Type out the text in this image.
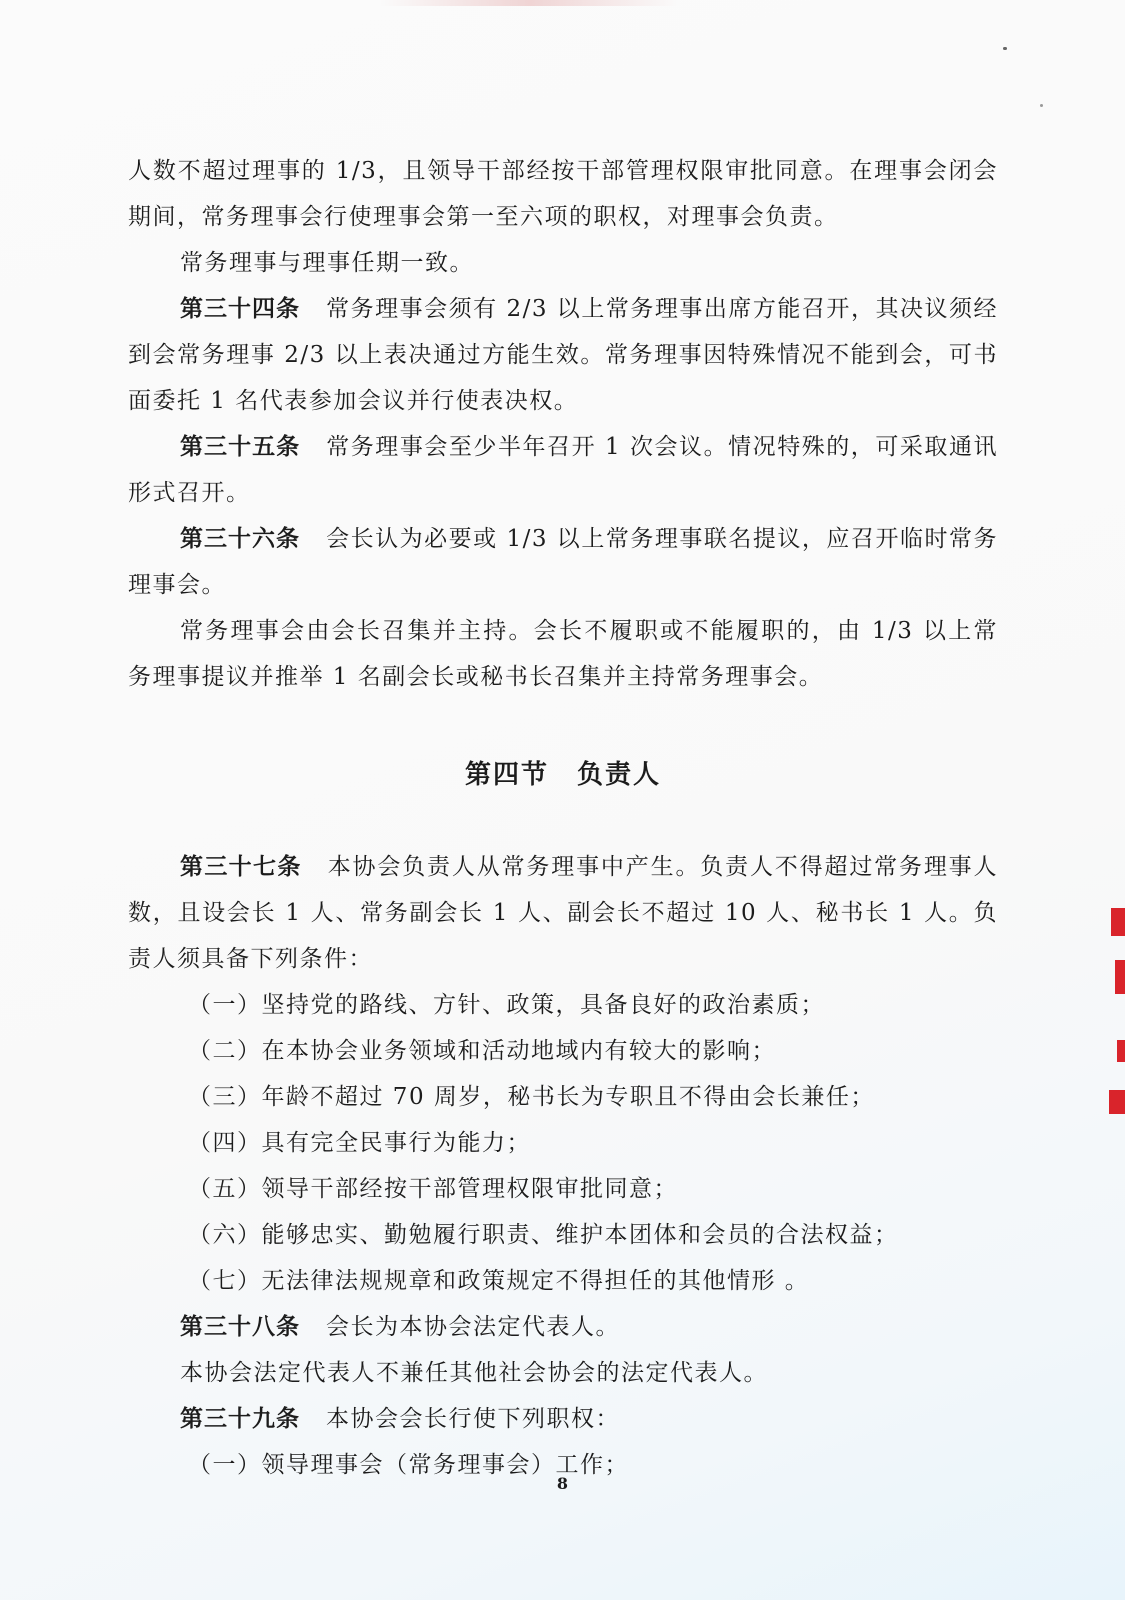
人数不超过理事的 1/3，且领导干部经按干部管理权限审批同意。在理事会闭会期间，常务理事会行使理事会第一至六项的职权，对理事会负责。

常务理事与理事任期一致。

第三十四条 常务理事会须有 2/3 以上常务理事出席方能召开，其决议须经到会常务理事 2/3 以上表决通过方能生效。常务理事因特殊情况不能到会，可书面委托 1 名代表参加会议并行使表决权。

第三十五条 常务理事会至少半年召开 1 次会议。情况特殊的，可采取通讯形式召开。

第三十六条 会长认为必要或 1/3 以上常务理事联名提议，应召开临时常务理事会。

常务理事会由会长召集并主持。会长不履职或不能履职的，由 1/3 以上常务理事提议并推举 1 名副会长或秘书长召集并主持常务理事会。

第四节 负责人

第三十七条 本协会负责人从常务理事中产生。负责人不得超过常务理事人数，且设会长 1 人、常务副会长 1 人、副会长不超过 10 人、秘书长 1 人。负责人须具备下列条件：

（一）坚持党的路线、方针、政策，具备良好的政治素质；

（二）在本协会业务领域和活动地域内有较大的影响；

（三）年龄不超过 70 周岁，秘书长为专职且不得由会长兼任；

（四）具有完全民事行为能力；

（五）领导干部经按干部管理权限审批同意；

（六）能够忠实、勤勉履行职责、维护本团体和会员的合法权益；

（七）无法律法规规章和政策规定不得担任的其他情形 。

第三十八条 会长为本协会法定代表人。

本协会法定代表人不兼任其他社会协会的法定代表人。

第三十九条 本协会会长行使下列职权：

（一）领导理事会（常务理事会）工作；

8
